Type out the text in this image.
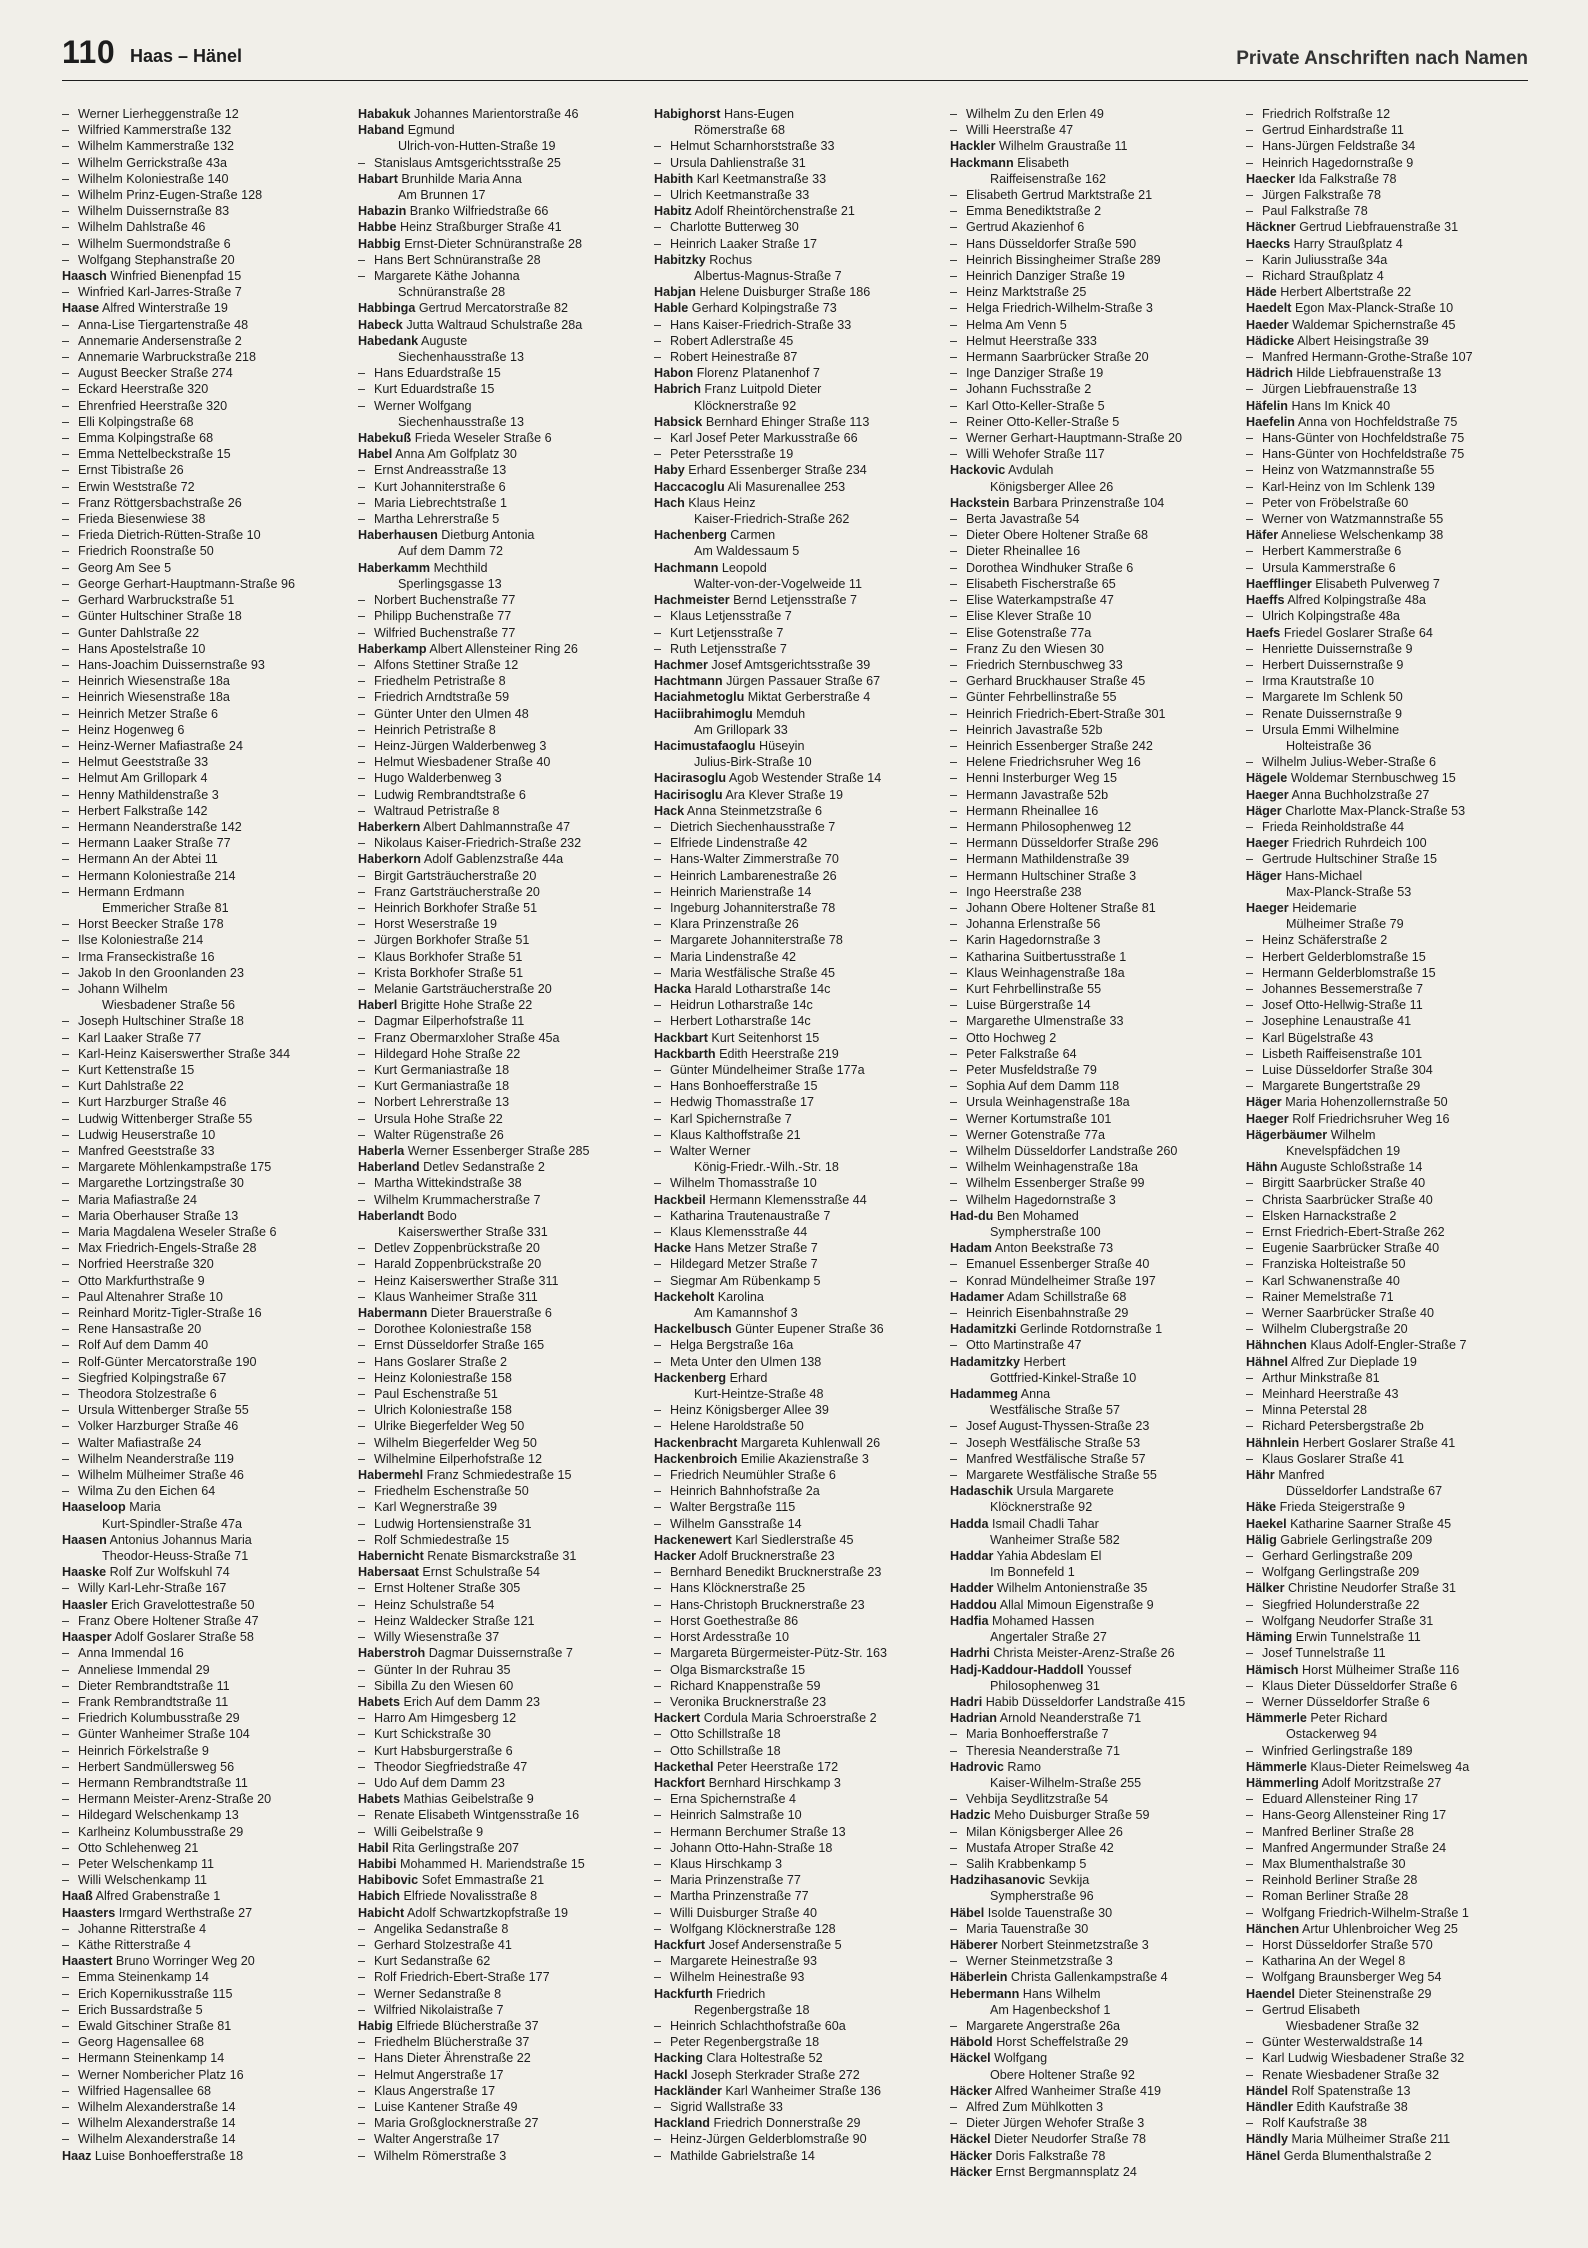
110 Haas – Hänel	Private Anschriften nach Namen
– Werner Lierheggenstraße 12
– Wilfried Kammerstraße 132
– Wilhelm Kammerstraße 132
– Wilhelm Gerrickstraße 43a
– Wilhelm Koloniestraße 140
– Wilhelm Prinz-Eugen-Straße 128
– Wilhelm Duissernstraße 83
– Wilhelm Dahlstraße 46
– Wilhelm Suermondstraße 6
– Wolfgang Stephanstraße 20
Haasch Winfried Bienenpfad 15
– Winfried Karl-Jarres-Straße 7
Haase Alfred Winterstraße 19
– Anna-Lise Tiergartenstraße 48
– Annemarie Andersenstraße 2
– Annemarie Warbruckstraße 218
– August Beecker Straße 274
– Eckard Heerstraße 320
– Ehrenfried Heerstraße 320
– Elli Kolpingstraße 68
– Emma Kolpingstraße 68
– Emma Nettelbeckstraße 15
– Ernst Tibistraße 26
– Erwin Weststraße 72
– Franz Röttgersbachstraße 26
– Frieda Biesenwiese 38
– Frieda Dietrich-Rütten-Straße 10
– Friedrich Roonstraße 50
– Georg Am See 5
– George Gerhart-Hauptmann-Straße 96
– Gerhard Warbruckstraße 51
– Günter Hultschiner Straße 18
– Gunter Dahlstraße 22
– Hans Apostelstraße 10
– Hans-Joachim Duissernstraße 93
– Heinrich Wiesenstraße 18a
– Heinrich Wiesenstraße 18a
– Heinrich Metzer Straße 6
– Heinz Hogenweg 6
– Heinz-Werner Mafiastraße 24
– Helmut Geeststraße 33
– Helmut Am Grillopark 4
– Henny Mathildenstraße 3
– Herbert Falkstraße 142
– Hermann Neanderstraße 142
– Hermann Laaker Straße 77
– Hermann An der Abtei 11
– Hermann Koloniestraße 214
– Hermann Erdmann
Emmericher Straße 81
– Horst Beecker Straße 178
– Ilse Koloniestraße 214
– Irma Franseckistraße 16
– Jakob In den Groonlanden 23
– Johann Wilhelm
Wiesbadener Straße 56
– Joseph Hultschiner Straße 18
– Karl Laaker Straße 77
– Karl-Heinz Kaiserswerther Straße 344
– Kurt Kettenstraße 15
– Kurt Dahlstraße 22
– Kurt Harzburger Straße 46
– Ludwig Wittenberger Straße 55
– Ludwig Heuserstraße 10
– Manfred Geeststraße 33
– Margarete Möhlenkampstraße 175
– Margarethe Lortzingstraße 30
– Maria Mafiastraße 24
– Maria Oberhauser Straße 13
– Maria Magdalena Weseler Straße 6
– Max Friedrich-Engels-Straße 28
– Norfried Heerstraße 320
– Otto Markfurthstraße 9
– Paul Altenahrer Straße 10
– Reinhard Moritz-Tigler-Straße 16
– Rene Hansastraße 20
– Rolf Auf dem Damm 40
– Rolf-Günter Mercatorstraße 190
– Siegfried Kolpingstraße 67
– Theodora Stolzestraße 6
– Ursula Wittenberger Straße 55
– Volker Harzburger Straße 46
– Walter Mafiastraße 24
– Wilhelm Neanderstraße 119
– Wilhelm Mülheimer Straße 46
– Wilma Zu den Eichen 64
Haaseloop Maria
Kurt-Spindler-Straße 47a
Haasen Antonius Johannus Maria
Theodor-Heuss-Straße 71
Haaske Rolf Zur Wolfskuhl 74
– Willy Karl-Lehr-Straße 167
Haasler Erich Gravelottestraße 50
– Franz Obere Holtener Straße 47
Haasper Adolf Goslarer Straße 58
– Anna Immendal 16
– Anneliese Immendal 29
– Dieter Rembrandtstraße 11
– Frank Rembrandtstraße 11
– Friedrich Kolumbusstraße 29
– Günter Wanheimer Straße 104
– Heinrich Förkelstraße 9
– Herbert Sandmüllersweg 56
– Hermann Rembrandtstraße 11
– Hermann Meister-Arenz-Straße 20
– Hildegard Welschenkamp 13
– Karlheinz Kolumbusstraße 29
– Otto Schlehenweg 21
– Peter Welschenkamp 11
– Willi Welschenkamp 11
Haaß Alfred Grabenstraße 1
Haasters Irmgard Werthstraße 27
– Johanne Ritterstraße 4
– Käthe Ritterstraße 4
Haastert Bruno Worringer Weg 20
– Emma Steinenkamp 14
– Erich Kopernikusstraße 115
– Erich Bussardstraße 5
– Ewald Gitschiner Straße 81
– Georg Hagensallee 68
– Hermann Steinenkamp 14
– Werner Nombericher Platz 16
– Wilfried Hagensallee 68
– Wilhelm Alexanderstraße 14
– Wilhelm Alexanderstraße 14
– Wilhelm Alexanderstraße 14
Haaz Luise Bonhoefferstraße 18
Habakuk Johannes Marientorstraße 46
Haband Egmund
Ulrich-von-Hutten-Straße 19
– Stanislaus Amtsgerichtsstraße 25
Habart Brunhilde Maria Anna
Am Brunnen 17
Habazin Branko Wilfriedstraße 66
Habbe Heinz Straßburger Straße 41
Habbig Ernst-Dieter Schnüranstraße 28
– Hans Bert Schnüranstraße 28
– Margarete Käthe Johanna
Schnüranstraße 28
Habbinga Gertrud Mercatorstraße 82
Habeck Jutta Waltraud Schulstraße 28a
Habedank Auguste
Siechenhausstraße 13
– Hans Eduardstraße 15
– Kurt Eduardstraße 15
– Werner Wolfgang
Siechenhausstraße 13
Habekuß Frieda Weseler Straße 6
Habel Anna Am Golfplatz 30
– Ernst Andreasstraße 13
– Kurt Johanniterstraße 6
– Maria Liebrechtstraße 1
– Martha Lehrerstraße 5
Haberhausen Dietburg Antonia
Auf dem Damm 72
Haberkamm Mechthild
Sperlingsgasse 13
– Norbert Buchenstraße 77
– Philipp Buchenstraße 77
– Wilfried Buchenstraße 77
Haberkamp Albert Allensteiner Ring 26
– Alfons Stettiner Straße 12
– Friedhelm Petristraße 8
– Friedrich Arndtstraße 59
– Günter Unter den Ulmen 48
– Heinrich Petristraße 8
– Heinz-Jürgen Walderbenweg 3
– Helmut Wiesbadener Straße 40
– Hugo Walderbenweg 3
– Ludwig Rembrandtstraße 6
– Waltraud Petristraße 8
Haberkern Albert Dahlmannstraße 47
– Nikolaus Kaiser-Friedrich-Straße 232
Haberkorn Adolf Gablenzstraße 44a
– Birgit Gartsträucherstraße 20
– Franz Gartsträucherstraße 20
– Heinrich Borkhofer Straße 51
– Horst Weserstraße 19
– Jürgen Borkhofer Straße 51
– Klaus Borkhofer Straße 51
– Krista Borkhofer Straße 51
– Melanie Gartsträucherstraße 20
Haberl Brigitte Hohe Straße 22
– Dagmar Eilperhofstraße 11
– Franz Obermarxloher Straße 45a
– Hildegard Hohe Straße 22
– Kurt Germaniastraße 18
– Kurt Germaniastraße 18
– Norbert Lehrerstraße 13
– Ursula Hohe Straße 22
– Walter Rügenstraße 26
Haberla Werner Essenberger Straße 285
Haberland Detlev Sedanstraße 2
– Martha Wittekindstraße 38
– Wilhelm Krummacherstraße 7
Haberlandt Bodo
Kaiserswerther Straße 331
– Detlev Zoppenbrückstraße 20
– Harald Zoppenbrückstraße 20
– Heinz Kaiserswerther Straße 311
– Klaus Wanheimer Straße 311
Habermann Dieter Brauerstraße 6
– Dorothee Koloniestraße 158
– Ernst Düsseldorfer Straße 165
– Hans Goslarer Straße 2
– Heinz Koloniestraße 158
– Paul Eschenstraße 51
– Ulrich Koloniestraße 158
– Ulrike Biegerfelder Weg 50
– Wilhelm Biegerfelder Weg 50
– Wilhelmine Eilperhofstraße 12
Habermehl Franz Schmiedestraße 15
– Friedhelm Eschenstraße 50
– Karl Wegnerstraße 39
– Ludwig Hortensienstraße 31
– Rolf Schmiedestraße 15
Habernicht Renate Bismarckstraße 31
Habersaat Ernst Schulstraße 54
– Ernst Holtener Straße 305
– Heinz Schulstraße 54
– Heinz Waldecker Straße 121
– Willy Wiesenstraße 37
Haberstroh Dagmar Duissernstraße 7
– Günter In der Ruhrau 35
– Sibilla Zu den Wiesen 60
Habets Erich Auf dem Damm 23
– Harro Am Himgesberg 12
– Kurt Schickstraße 30
– Kurt Habsburgerstraße 6
– Theodor Siegfriedstraße 47
– Udo Auf dem Damm 23
Habets Mathias Geibelstraße 9
– Renate Elisabeth Wintgensstraße 16
– Willi Geibelstraße 9
Habil Rita Gerlingstraße 207
Habibi Mohammed H. Mariendstraße 15
Habibovic Sofet Emmastraße 21
Habich Elfriede Novalisstraße 8
Habicht Adolf Schwartzkopfstraße 19
– Angelika Sedanstraße 8
– Gerhard Stolzestraße 41
– Kurt Sedanstraße 62
– Rolf Friedrich-Ebert-Straße 177
– Werner Sedanstraße 8
– Wilfried Nikolaistraße 7
Habig Elfriede Blücherstraße 37
– Friedhelm Blücherstraße 37
– Hans Dieter Ährenstraße 22
– Helmut Angerstraße 17
– Klaus Angerstraße 17
– Luise Kantener Straße 49
– Maria Großglocknerstraße 27
– Walter Angerstraße 17
– Wilhelm Römerstraße 3
Habighorst Hans-Eugen
Römerstraße 68
– Helmut Scharnhorststraße 33
– Ursula Dahlienstraße 31
Habith Karl Keetmanstraße 33
– Ulrich Keetmanstraße 33
Habitz Adolf Rheintörchenstraße 21
– Charlotte Butterweg 30
– Heinrich Laaker Straße 17
Habitzky Rochus
Albertus-Magnus-Straße 7
Habjan Helene Duisburger Straße 186
Hable Gerhard Kolpingstraße 73
– Hans Kaiser-Friedrich-Straße 33
– Robert Adlerstraße 45
– Robert Heinestraße 87
Habon Florenz Platanenhof 7
Habrich Franz Luitpold Dieter
Klöcknerstraße 92
Habsick Bernhard Ehinger Straße 113
– Karl Josef Peter Markusstraße 66
– Peter Petersstraße 19
Haby Erhard Essenberger Straße 234
Haccacoglu Ali Masurenallee 253
Hach Klaus Heinz
Kaiser-Friedrich-Straße 262
Hachenberg Carmen
Am Waldessaum 5
Hachmann Leopold
Walter-von-der-Vogelweide 11
Hachmeister Bernd Letjensstraße 7
– Klaus Letjensstraße 7
– Kurt Letjensstraße 7
– Ruth Letjensstraße 7
Hachmer Josef Amtsgerichtsstraße 39
Hachtmann Jürgen Passauer Straße 67
Haciahmetoglu Miktat Gerberstraße 4
Haciibrahimoglu Memduh
Am Grillopark 33
Hacimustafaoglu Hüseyin
Julius-Birk-Straße 10
Hacirasoglu Agob Westender Straße 14
Hacirisoglu Ara Klever Straße 19
Hack Anna Steinmetzstraße 6
– Dietrich Siechenhausstraße 7
– Elfriede Lindenstraße 42
– Hans-Walter Zimmerstraße 70
– Heinrich Lambarenestraße 26
– Heinrich Marienstraße 14
– Ingeburg Johanniterstraße 78
– Klara Prinzenstraße 26
– Margarete Johanniterstraße 78
– Maria Lindenstraße 42
– Maria Westfälische Straße 45
Hacka Harald Lotharstraße 14c
– Heidrun Lotharstraße 14c
– Herbert Lotharstraße 14c
Hackbart Kurt Seitenhorst 15
Hackbarth Edith Heerstraße 219
– Günter Mündelheimer Straße 177a
– Hans Bonhoefferstraße 15
– Hedwig Thomasstraße 17
– Karl Spichernstraße 7
– Klaus Kalthoffstraße 21
– Walter Werner
König-Friedr.-Wilh.-Str. 18
– Wilhelm Thomasstraße 10
Hackbeil Hermann Klemensstraße 44
– Katharina Trautenaustraße 7
– Klaus Klemensstraße 44
Hacke Hans Metzer Straße 7
– Hildegard Metzer Straße 7
– Siegmar Am Rübenkamp 5
Hackeholt Karolina
Am Kamannshof 3
Hackelbusch Günter Eupener Straße 36
– Helga Bergstraße 16a
– Meta Unter den Ulmen 138
Hackenberg Erhard
Kurt-Heintze-Straße 48
– Heinz Königsberger Allee 39
– Helene Haroldstraße 50
Hackenbracht Margareta Kuhlenwall 26
Hackenbroich Emilie Akazienstraße 3
– Friedrich Neumühler Straße 6
– Heinrich Bahnhofstraße 2a
– Walter Bergstraße 115
– Wilhelm Gansstraße 14
Hackenewert Karl Siedlerstraße 45
Hacker Adolf Brucknerstraße 23
– Bernhard Benedikt Brucknerstraße 23
– Hans Klöcknerstraße 25
– Hans-Christoph Brucknerstraße 23
– Horst Goethestraße 86
– Horst Ardesstraße 10
– Margareta Bürgermeister-Pütz-Str. 163
– Olga Bismarckstraße 15
– Richard Knappenstraße 59
– Veronika Brucknerstraße 23
Hackert Cordula Maria Schroerstraße 2
– Otto Schillstraße 18
– Otto Schillstraße 18
Hackethal Peter Heerstraße 172
Hackfort Bernhard Hirschkamp 3
– Erna Spichernstraße 4
– Heinrich Salmstraße 10
– Hermann Berchumer Straße 13
– Johann Otto-Hahn-Straße 18
– Klaus Hirschkamp 3
– Maria Prinzenstraße 77
– Martha Prinzenstraße 77
– Willi Duisburger Straße 40
– Wolfgang Klöcknerstraße 128
Hackfurt Josef Andersenstraße 5
– Margarete Heinestraße 93
– Wilhelm Heinestraße 93
Hackfurth Friedrich
Regenbergstraße 18
– Heinrich Schlachthofstraße 60a
– Peter Regenbergstraße 18
Hacking Clara Holtestraße 52
Hackl Joseph Sterkrader Straße 272
Hackländer Karl Wanheimer Straße 136
– Sigrid Wallstraße 33
Hackland Friedrich Donnerstraße 29
– Heinz-Jürgen Gelderblomstraße 90
– Mathilde Gabrielstraße 14
– Wilhelm Zu den Erlen 49
– Willi Heerstraße 47
Hackler Wilhelm Graustraße 11
Hackmann Elisabeth
Raiffeisenstraße 162
– Elisabeth Gertrud Marktstraße 21
– Emma Benediktstraße 2
– Gertrud Akazienhof 6
– Hans Düsseldorfer Straße 590
– Heinrich Bissingheimer Straße 289
– Heinrich Danziger Straße 19
– Heinz Marktstraße 25
– Helga Friedrich-Wilhelm-Straße 3
– Helma Am Venn 5
– Helmut Heerstraße 333
– Hermann Saarbrücker Straße 20
– Inge Danziger Straße 19
– Johann Fuchsstraße 2
– Karl Otto-Keller-Straße 5
– Reiner Otto-Keller-Straße 5
– Werner Gerhart-Hauptmann-Straße 20
– Willi Wehofer Straße 117
Hackovic Avdulah
Königsberger Allee 26
Hackstein Barbara Prinzenstraße 104
– Berta Javastraße 54
– Dieter Obere Holtener Straße 68
– Dieter Rheinallee 16
– Dorothea Windhuker Straße 6
– Elisabeth Fischerstraße 65
– Elise Waterkampstraße 47
– Elise Klever Straße 10
– Elise Gotenstraße 77a
– Franz Zu den Wiesen 30
– Friedrich Sternbuschweg 33
– Gerhard Bruckhauser Straße 45
– Günter Fehrbellinstraße 55
– Heinrich Friedrich-Ebert-Straße 301
– Heinrich Javastraße 52b
– Heinrich Essenberger Straße 242
– Helene Friedrichsruher Weg 16
– Henni Insterburger Weg 15
– Hermann Javastraße 52b
– Hermann Rheinallee 16
– Hermann Philosophenweg 12
– Hermann Düsseldorfer Straße 296
– Hermann Mathildenstraße 39
– Hermann Hultschiner Straße 3
– Ingo Heerstraße 238
– Johann Obere Holtener Straße 81
– Johanna Erlenstraße 56
– Karin Hagedornstraße 3
– Katharina Suitbertusstraße 1
– Klaus Weinhagenstraße 18a
– Kurt Fehrbellinstraße 55
– Luise Bürgerstraße 14
– Margarethe Ulmenstraße 33
– Otto Hochweg 2
– Peter Falkstraße 64
– Peter Musfeldstraße 79
– Sophia Auf dem Damm 118
– Ursula Weinhagenstraße 18a
– Werner Kortumstraße 101
– Werner Gotenstraße 77a
– Wilhelm Düsseldorfer Landstraße 260
– Wilhelm Weinhagenstraße 18a
– Wilhelm Essenberger Straße 99
– Wilhelm Hagedornstraße 3
Had-du Ben Mohamed
Sympherstraße 100
Hadam Anton Beekstraße 73
– Emanuel Essenberger Straße 40
– Konrad Mündelheimer Straße 197
Hadamer Adam Schillstraße 68
– Heinrich Eisenbahnstraße 29
Hadamitzki Gerlinde Rotdornstraße 1
– Otto Martinstraße 47
Hadamitzky Herbert
Gottfried-Kinkel-Straße 10
Hadammeg Anna
Westfälische Straße 57
– Josef August-Thyssen-Straße 23
– Joseph Westfälische Straße 53
– Manfred Westfälische Straße 57
– Margarete Westfälische Straße 55
Hadaschik Ursula Margarete
Klöcknerstraße 92
Hadda Ismail Chadli Tahar
Wanheimer Straße 582
Haddar Yahia Abdeslam El
Im Bonnefeld 1
Hadder Wilhelm Antonienstraße 35
Haddou Allal Mimoun Eigenstraße 9
Hadfia Mohamed Hassen
Angertaler Straße 27
Hadrhi Christa Meister-Arenz-Straße 26
Hadj-Kaddour-Haddoll Youssef
Philosophenweg 31
Hadri Habib Düsseldorfer Landstraße 415
Hadrian Arnold Neanderstraße 71
– Maria Bonhoefferstraße 7
– Theresia Neanderstraße 71
Hadrovic Ramo
Kaiser-Wilhelm-Straße 255
– Vehbija Seydlitzstraße 54
Hadzic Meho Duisburger Straße 59
– Milan Königsberger Allee 26
– Mustafa Atroper Straße 42
– Salih Krabbenkamp 5
Hadzihasanovic Sevkija
Sympherstraße 96
Häbel Isolde Tauenstraße 30
– Maria Tauenstraße 30
Häberer Norbert Steinmetzstraße 3
– Werner Steinmetzstraße 3
Häberlein Christa Gallenkampstraße 4
Hebermann Hans Wilhelm
Am Hagenbeckshof 1
– Margarete Angerstraße 26a
Häbold Horst Scheffelstraße 29
Häckel Wolfgang
Obere Holtener Straße 92
Häcker Alfred Wanheimer Straße 419
– Alfred Zum Mühlkotten 3
– Dieter Jürgen Wehofer Straße 3
Häckel Dieter Neudorfer Straße 78
Häcker Doris Falkstraße 78
Häcker Ernst Bergmannsplatz 24
– Friedrich Rolfstraße 12
– Gertrud Einhardstraße 11
– Hans-Jürgen Feldstraße 34
– Heinrich Hagedornstraße 9
Haecker Ida Falkstraße 78
– Jürgen Falkstraße 78
– Paul Falkstraße 78
Häckner Gertrud Liebfrauenstraße 31
Haecks Harry Straußplatz 4
– Karin Juliusstraße 34a
– Richard Straußplatz 4
Häde Herbert Albertstraße 22
Haedelt Egon Max-Planck-Straße 10
Haeder Waldemar Spichernstraße 45
Hädicke Albert Heisingstraße 39
– Manfred Hermann-Grothe-Straße 107
Hädrich Hilde Liebfrauenstraße 13
– Jürgen Liebfrauenstraße 13
Häfelin Hans Im Knick 40
Haefelin Anna von Hochfeldstraße 75
– Hans-Günter von Hochfeldstraße 75
– Hans-Günter von Hochfeldstraße 75
– Heinz von Watzmannstraße 55
– Karl-Heinz von Im Schlenk 139
– Peter von Fröbelstraße 60
– Werner von Watzmannstraße 55
Häfer Anneliese Welschenkamp 38
– Herbert Kammerstraße 6
– Ursula Kammerstraße 6
Haefflinger Elisabeth Pulverweg 7
Haeffs Alfred Kolpingstraße 48a
– Ulrich Kolpingstraße 48a
Haefs Friedel Goslarer Straße 64
– Henriette Duissernstraße 9
– Herbert Duissernstraße 9
– Irma Krautstraße 10
– Margarete Im Schlenk 50
– Renate Duissernstraße 9
– Ursula Emmi Wilhelmine
Holteistraße 36
– Wilhelm Julius-Weber-Straße 6
Hägele Woldemar Sternbuschweg 15
Haeger Anna Buchholzstraße 27
Häger Charlotte Max-Planck-Straße 53
– Frieda Reinholdstraße 44
Haeger Friedrich Ruhrdeich 100
– Gertrude Hultschiner Straße 15
Häger Hans-Michael
Max-Planck-Straße 53
Haeger Heidemarie
Mülheimer Straße 79
– Heinz Schäferstraße 2
– Herbert Gelderblomstraße 15
– Hermann Gelderblomstraße 15
– Johannes Bessemerstraße 7
– Josef Otto-Hellwig-Straße 11
– Josephine Lenaustraße 41
– Karl Bügelstraße 43
– Lisbeth Raiffeisenstraße 101
– Luise Düsseldorfer Straße 304
– Margarete Bungertstraße 29
Häger Maria Hohenzollernstraße 50
Haeger Rolf Friedrichsruher Weg 16
Hägerbäumer Wilhelm
Knevelspfädchen 19
Hähn Auguste Schloßstraße 14
– Birgitt Saarbrücker Straße 40
– Christa Saarbrücker Straße 40
– Elsken Harnackstraße 2
– Ernst Friedrich-Ebert-Straße 262
– Eugenie Saarbrücker Straße 40
– Franziska Holteistraße 50
– Karl Schwanenstraße 40
– Rainer Memelstraße 71
– Werner Saarbrücker Straße 40
– Wilhelm Clubergstraße 20
Hähnchen Klaus Adolf-Engler-Straße 7
Hähnel Alfred Zur Dieplade 19
– Arthur Minkstraße 81
– Meinhard Heerstraße 43
– Minna Peterstal 28
– Richard Petersbergstraße 2b
Hähnlein Herbert Goslarer Straße 41
– Klaus Goslarer Straße 41
Hähr Manfred
Düsseldorfer Landstraße 67
Häke Frieda Steigerstraße 9
Haekel Katharine Saarner Straße 45
Hälig Gabriele Gerlingstraße 209
– Gerhard Gerlingstraße 209
– Wolfgang Gerlingstraße 209
Hälker Christine Neudorfer Straße 31
– Siegfried Holunderstraße 22
– Wolfgang Neudorfer Straße 31
Häming Erwin Tunnelstraße 11
– Josef Tunnelstraße 11
Hämisch Horst Mülheimer Straße 116
– Klaus Dieter Düsseldorfer Straße 6
– Werner Düsseldorfer Straße 6
Hämmerle Peter Richard
Ostackerweg 94
– Winfried Gerlingstraße 189
Hämmerle Klaus-Dieter Reimelsweg 4a
Hämmerling Adolf Moritzstraße 27
– Eduard Allensteiner Ring 17
– Hans-Georg Allensteiner Ring 17
– Manfred Berliner Straße 28
– Manfred Angermunder Straße 24
– Max Blumenthalstraße 30
– Reinhold Berliner Straße 28
– Roman Berliner Straße 28
– Wolfgang Friedrich-Wilhelm-Straße 1
Hänchen Artur Uhlenbroicher Weg 25
– Horst Düsseldorfer Straße 570
– Katharina An der Wegel 8
– Wolfgang Braunsberger Weg 54
Haendel Dieter Steinenstraße 29
– Gertrud Elisabeth
Wiesbadener Straße 32
– Günter Westerwaldstraße 14
– Karl Ludwig Wiesbadener Straße 32
– Renate Wiesbadener Straße 32
Händel Rolf Spatenstraße 13
Händler Edith Kaufstraße 38
– Rolf Kaufstraße 38
Händly Maria Mülheimer Straße 211
Hänel Gerda Blumenthalstraße 2
